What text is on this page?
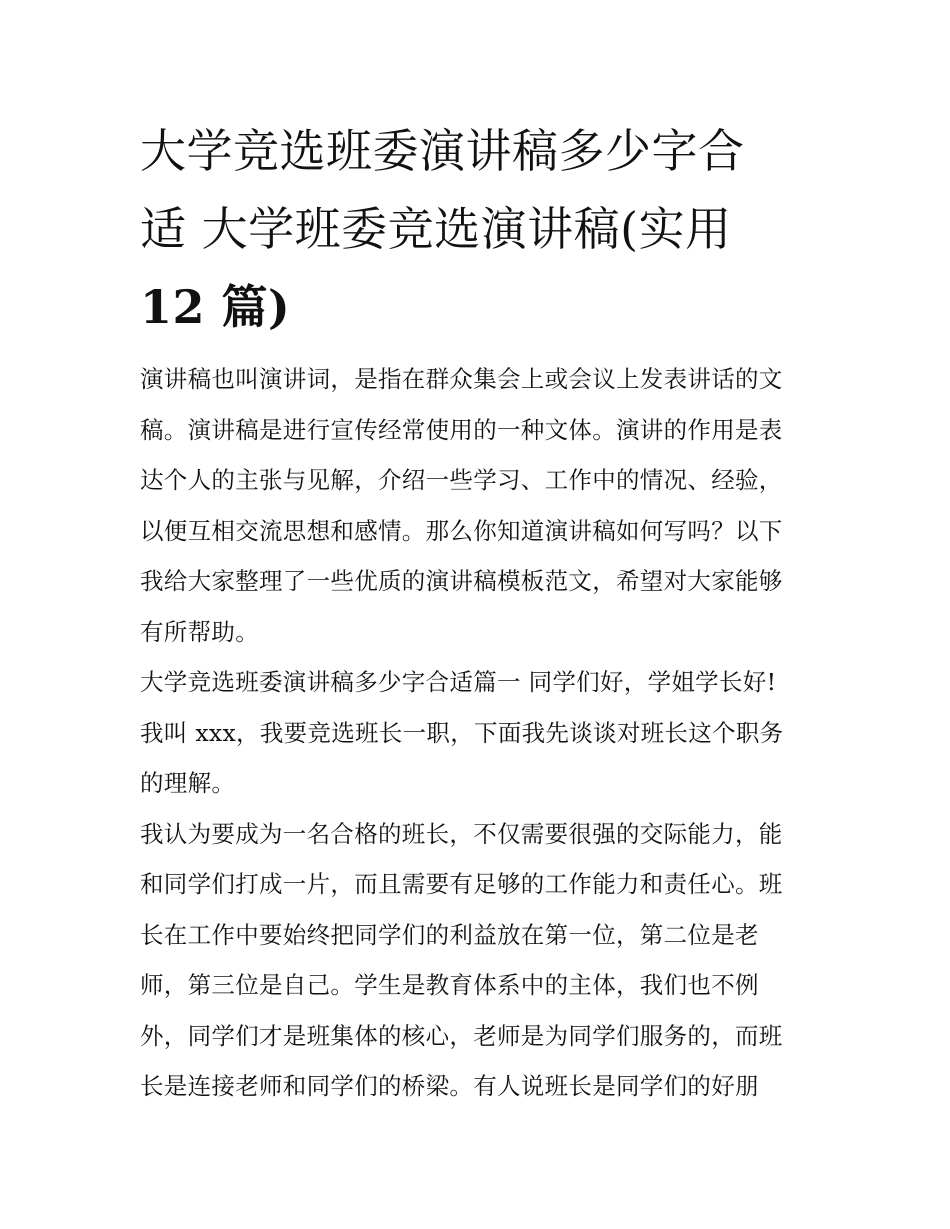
大学竞选班委演讲稿多少字合
适 大学班委竞选演讲稿(实用
12 篇)

演讲稿也叫演讲词，是指在群众集会上或会议上发表讲话的文
稿。演讲稿是进行宣传经常使用的一种文体。演讲的作用是表
达个人的主张与见解，介绍一些学习、工作中的情况、经验，
以便互相交流思想和感情。那么你知道演讲稿如何写吗？以下
我给大家整理了一些优质的演讲稿模板范文，希望对大家能够
有所帮助。

大学竞选班委演讲稿多少字合适篇一 同学们好，学姐学长好!
我叫 xxx，我要竞选班长一职，下面我先谈谈对班长这个职务
的理解。

我认为要成为一名合格的班长，不仅需要很强的交际能力，能
和同学们打成一片，而且需要有足够的工作能力和责任心。班
长在工作中要始终把同学们的利益放在第一位，第二位是老
师，第三位是自己。学生是教育体系中的主体，我们也不例
外，同学们才是班集体的核心，老师是为同学们服务的，而班
长是连接老师和同学们的桥梁。有人说班长是同学们的好朋
